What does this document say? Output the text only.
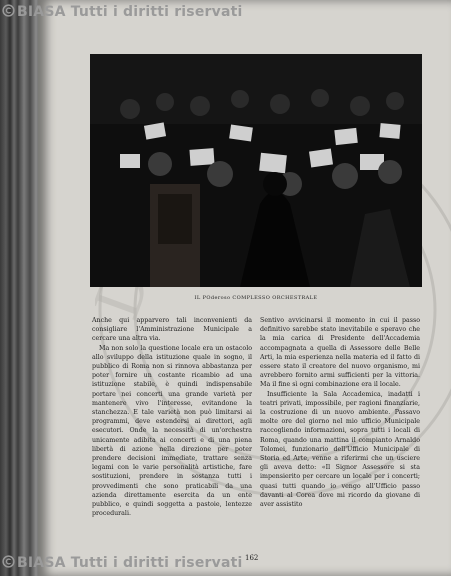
BIASA Tutti i diritti riservati
IL POderoso COMPLESSO ORCHESTRALE

Anche qui apparvero tali inconvenienti da consigliare l'Amministrazione Municipale a cercare una altra via.

Ma non solo la questione locale era un ostacolo allo sviluppo della istituzione quale in sogno, il pubblico di Roma non si rinnova abbastanza per poter fornire un costante ricambio ad una istituzione stabile, è quindi indispensabile portare nei concerti una grande varietà per mantenere vivo l'interesse, evitandone la stanchezza. E tale varietà non può limitarsi ai programmi, deve estendersi ai direttori, agli esecutori. Onde la necessità di un'orchestra unicamente adibita ai concerti e di una piena libertà di azione nella direzione per poter prendere decisioni immediate, trattare senza legami con le varie personalità artistiche, fare sostituzioni, prendere in sostanza tutti i provvedimenti che sono praticabili da una azienda direttamente esercita da un ente pubblico, e quindi soggetta a pastoie, lentezze procedurali.

Sentivo avvicinarsi il momento in cui il passo definitivo sarebbe stato inevitabile e speravo che la mia carica di Presidente dell'Accademia accompagnata a quella di Assessore delle Belle Arti, la mia esperienza nella materia ed il fatto di essere stato il creatore del nuovo organismo, mi avrebbero fornito armi sufficienti per la vittoria. Ma il fine sì ogni combinazione era il locale.

Insufficiente la Sala Accademica, inadatti i teatri privati, impossibile, per ragioni finanziarie, la costruzione di un nuovo ambiente. Passavo molte ore del giorno nel mio ufficio Municipale raccogliendo informazioni, sopra tutti i locali di Roma, quando una mattina il compianto Arnaldo Tolomei, funzionario dell'Ufficio Municipale di Storia ed Arte, venne a riferirmi che un usciere gli aveva detto: «Il Signor Assessore si sta impensierito per cercare un locale per i concerti; quasi tutti quando io vengo all'Ufficio passo davanti al Corea dove mi ricordo da giovane di aver assistito

162
BIASA Tutti i diritti riservati
